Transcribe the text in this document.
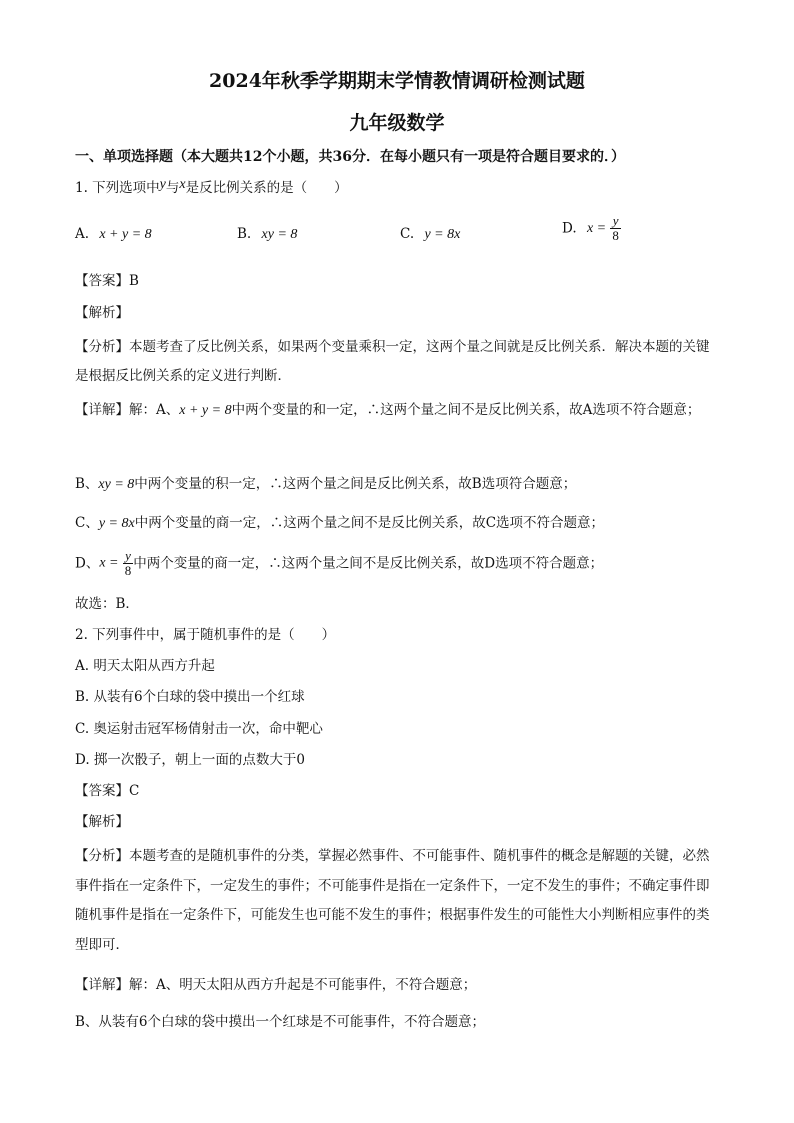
2024年秋季学期期末学情教情调研检测试题
九年级数学
一、单项选择题（本大题共12个小题，共36分．在每小题只有一项是符合题目要求的．）
1. 下列选项中y与x是反比例关系的是（　　）
A. x + y = 8	B. xy = 8	C. y = 8x	D. $x = \frac{y}{8}$
【答案】B
【解析】
【分析】本题考查了反比例关系，如果两个变量乘积一定，这两个量之间就是反比例关系．解决本题的关键是根据反比例关系的定义进行判断．
【详解】解：A、x + y = 8中两个变量的和一定，∴这两个量之间不是反比例关系，故A选项不符合题意；
B、xy = 8中两个变量的积一定，∴这两个量之间是反比例关系，故B选项符合题意；
C、y = 8x中两个变量的商一定，∴这两个量之间不是反比例关系，故C选项不符合题意；
D、$x = \frac{y}{8}$ 中两个变量的商一定，∴这两个量之间不是反比例关系，故D选项不符合题意；
故选：B．
2. 下列事件中，属于随机事件的是（　　）
A. 明天太阳从西方升起
B. 从装有6个白球的袋中摸出一个红球
C. 奥运射击冠军杨倩射击一次，命中靶心
D. 掷一次骰子，朝上一面的点数大于0
【答案】C
【解析】
【分析】本题考查的是随机事件的分类，掌握必然事件、不可能事件、随机事件的概念是解题的关键，必然事件指在一定条件下，一定发生的事件；不可能事件是指在一定条件下，一定不发生的事件；不确定事件即随机事件是指在一定条件下，可能发生也可能不发生的事件；根据事件发生的可能性大小判断相应事件的类型即可．
【详解】解：A、明天太阳从西方升起是不可能事件，不符合题意；
B、从装有6个白球的袋中摸出一个红球是不可能事件，不符合题意；
